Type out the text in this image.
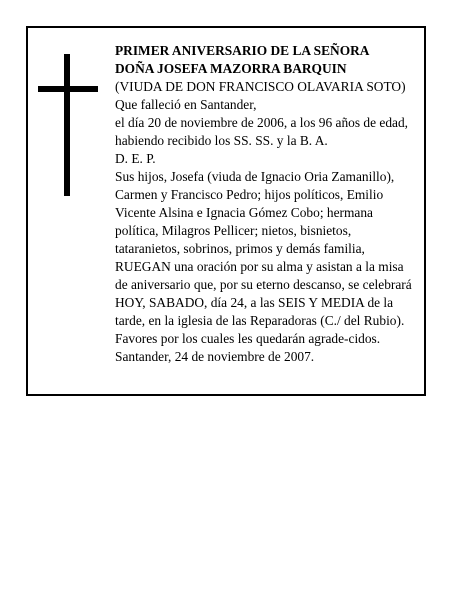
PRIMER ANIVERSARIO DE LA SEÑORA
DOÑA JOSEFA MAZORRA BARQUIN
(VIUDA DE DON FRANCISCO OLAVARIA SOTO)
Que falleció en Santander,
el día 20 de noviembre de 2006, a los 96 años de edad,
habiendo recibido los SS. SS. y la B. A.
D. E. P.
Sus hijos, Josefa (viuda de Ignacio Oria Zamanillo),
Carmen y Francisco Pedro; hijos políticos, Emilio
Vicente Alsina e Ignacia Gómez Cobo; hermana
política, Milagros Pellicer; nietos, bisnietos,
tataranietos, sobrinos, primos y demás familia,
RUEGAN una oración por su alma y asistan a la misa
de aniversario que, por su eterno descanso, se celebrará
HOY, SABADO, día 24, a las SEIS Y MEDIA de la
tarde, en la iglesia de las Reparadoras (C./ del Rubio).
Favores por los cuales les quedarán agrade-cidos.
Santander, 24 de noviembre de 2007.
